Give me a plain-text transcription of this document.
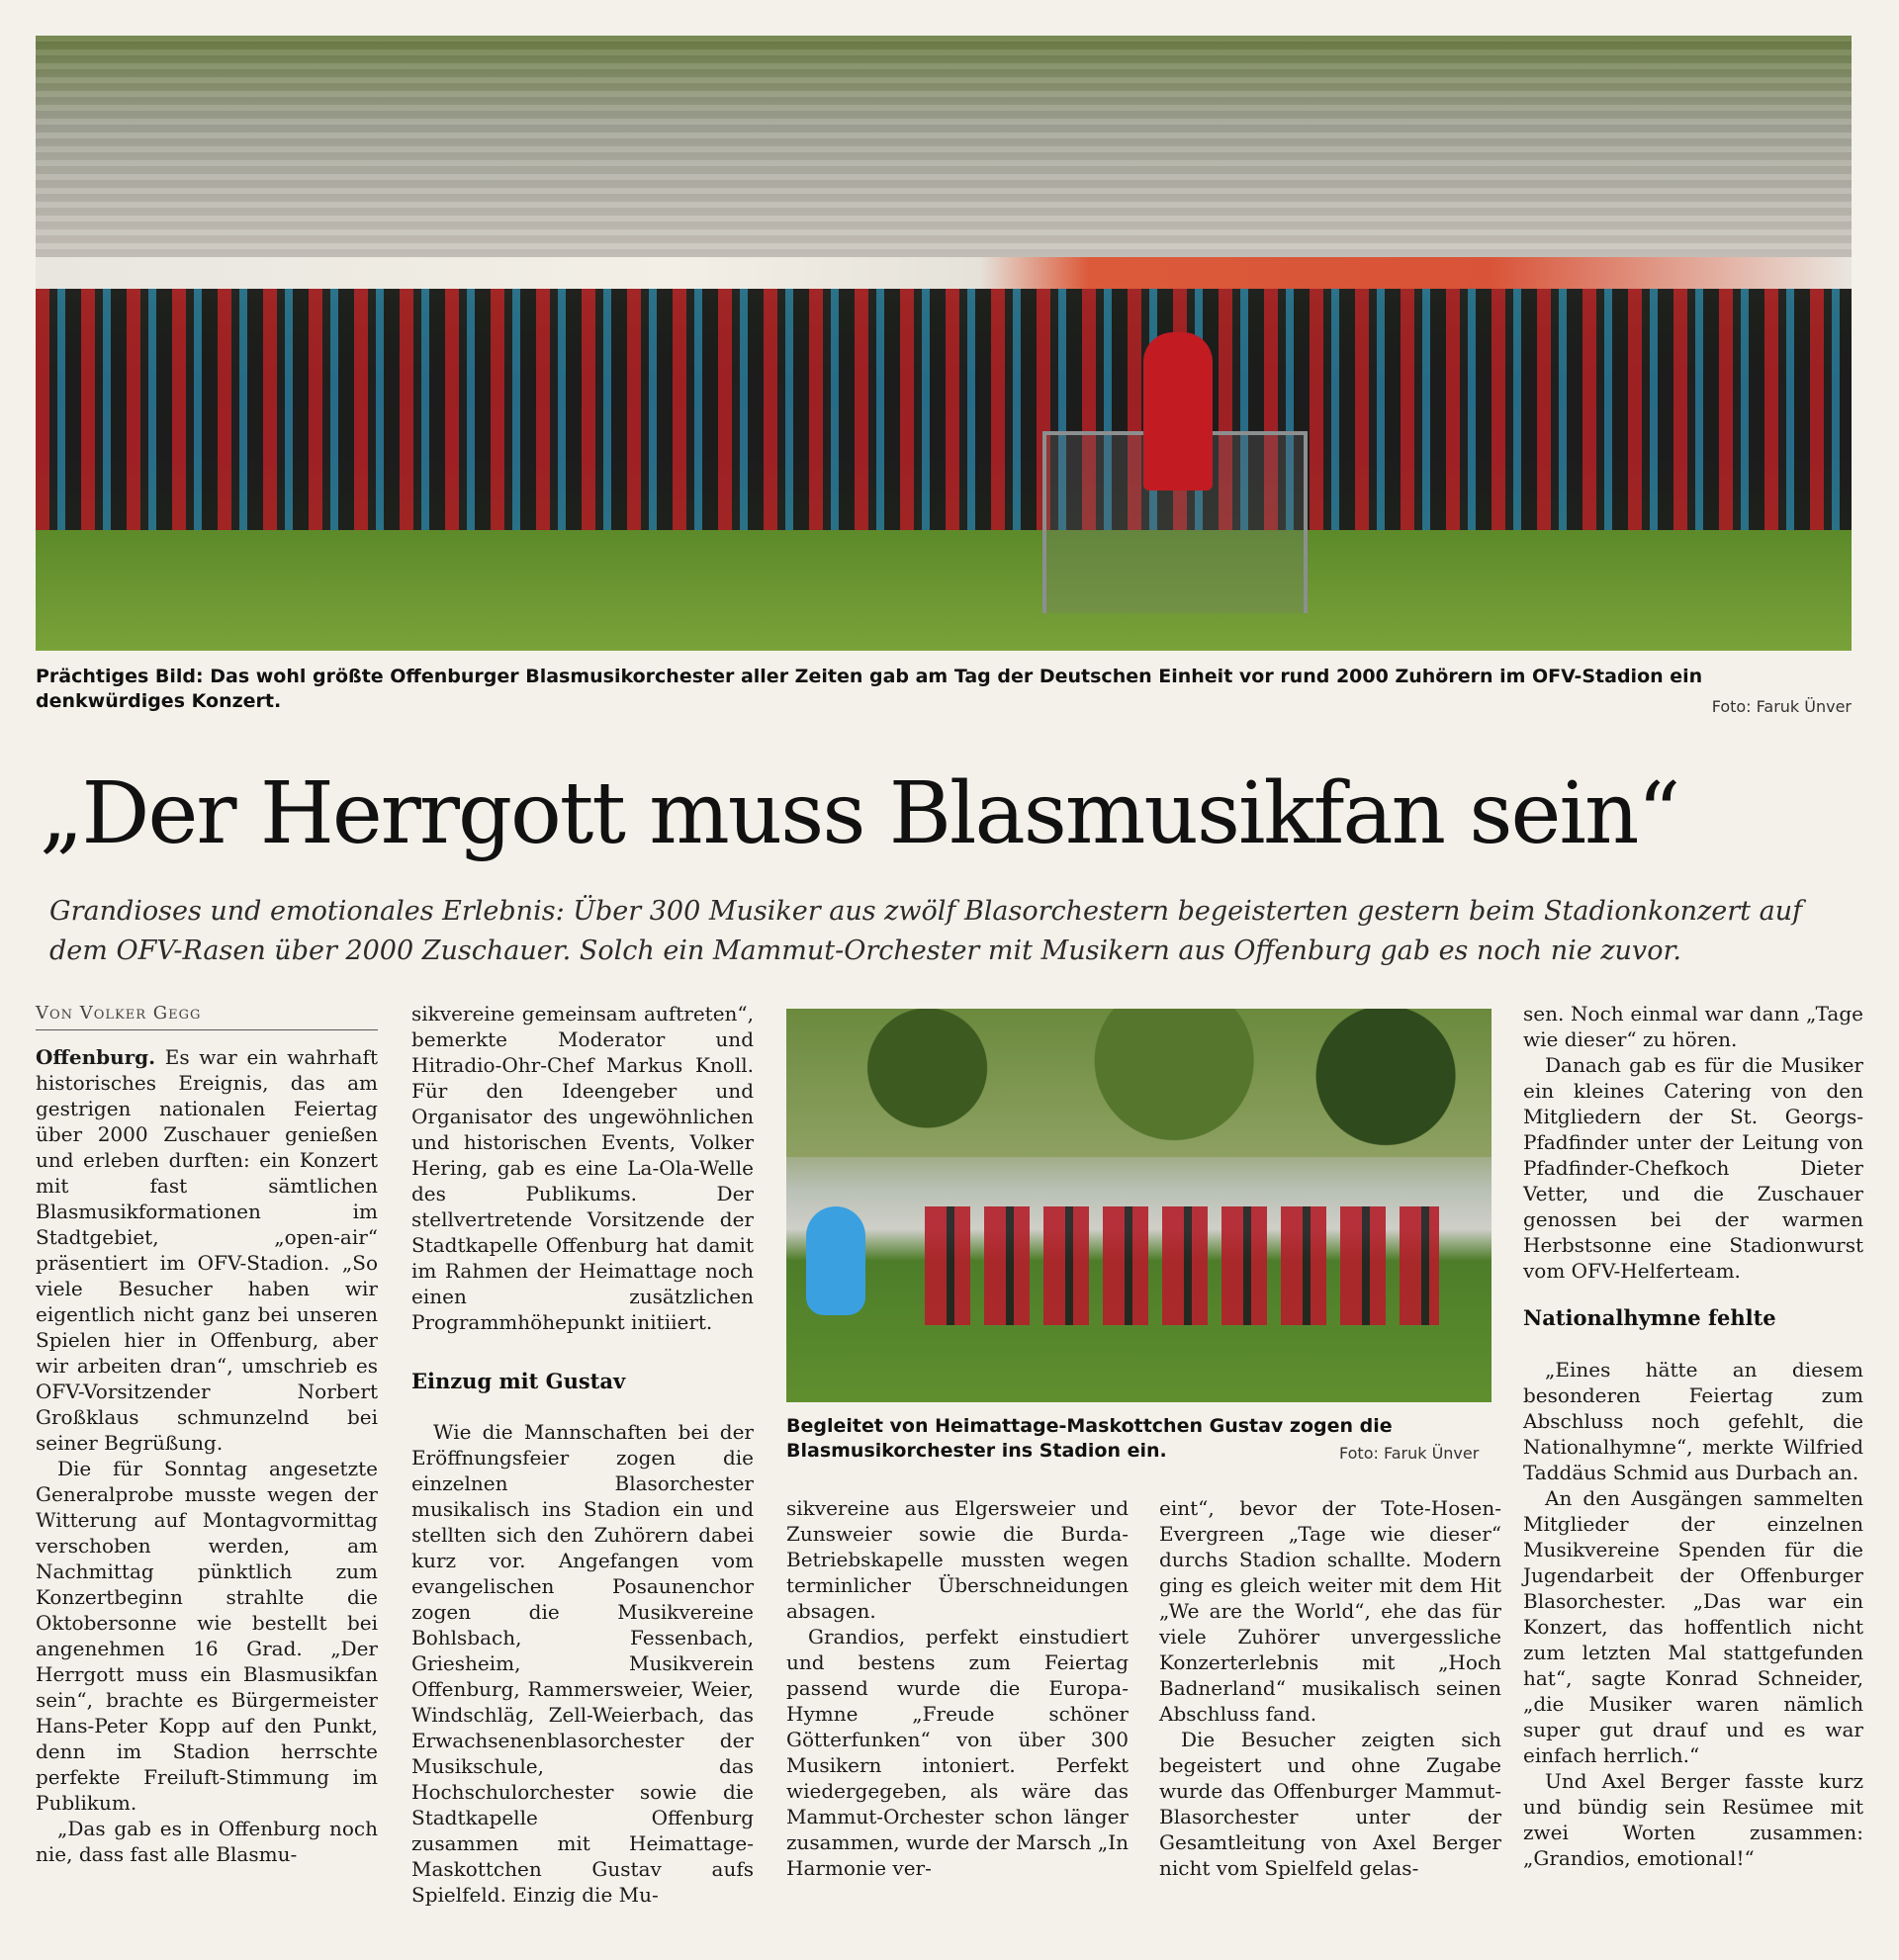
Prächtiges Bild: Das wohl größte Offenburger Blasmusikorchester aller Zeiten gab am Tag der Deutschen Einheit vor rund 2000 Zuhörern im OFV-Stadion ein denkwürdiges Konzert.	Foto: Faruk Ünver
„Der Herrgott muss Blasmusikfan sein“
Grandioses und emotionales Erlebnis: Über 300 Musiker aus zwölf Blasorchestern begeisterten gestern beim Stadionkonzert auf dem OFV-Rasen über 2000 Zuschauer. Solch ein Mammut-Orchester mit Musikern aus Offenburg gab es noch nie zuvor.
Von Volker Gegg

Offenburg. Es war ein wahrhaft historisches Ereignis, das am gestrigen nationalen Feiertag über 2000 Zuschauer genießen und erleben durften: ein Konzert mit fast sämtlichen Blasmusikformationen im Stadtgebiet, „open-air“ präsentiert im OFV-Stadion. „So viele Besucher haben wir eigentlich nicht ganz bei unseren Spielen hier in Offenburg, aber wir arbeiten dran“, umschrieb es OFV-Vorsitzender Norbert Großklaus schmunzelnd bei seiner Begrüßung.

Die für Sonntag angesetzte Generalprobe musste wegen der Witterung auf Montagvormittag verschoben werden, am Nachmittag pünktlich zum Konzertbeginn strahlte die Oktobersonne wie bestellt bei angenehmen 16 Grad. „Der Herrgott muss ein Blasmusikfan sein“, brachte es Bürgermeister Hans-Peter Kopp auf den Punkt, denn im Stadion herrschte perfekte Freiluft-Stimmung im Publikum.

„Das gab es in Offenburg noch nie, dass fast alle Blasmu-

sikvereine gemeinsam auftreten“, bemerkte Moderator und Hitradio-Ohr-Chef Markus Knoll. Für den Ideengeber und Organisator des ungewöhnlichen und historischen Events, Volker Hering, gab es eine La-Ola-Welle des Publikums. Der stellvertretende Vorsitzende der Stadtkapelle Offenburg hat damit im Rahmen der Heimattage noch einen zusätzlichen Programmhöhepunkt initiiert.

Einzug mit Gustav

Wie die Mannschaften bei der Eröffnungsfeier zogen die einzelnen Blasorchester musikalisch ins Stadion ein und stellten sich den Zuhörern dabei kurz vor. Angefangen vom evangelischen Posaunenchor zogen die Musikvereine Bohlsbach, Fessenbach, Griesheim, Musikverein Offenburg, Rammersweier, Weier, Windschläg, Zell-Weierbach, das Erwachsenenblasorchester der Musikschule, das Hochschulorchester sowie die Stadtkapelle Offenburg zusammen mit Heimattage-Maskottchen Gustav aufs Spielfeld. Einzig die Mu-

Begleitet von Heimattage-Maskottchen Gustav zogen die Blasmusikorchester ins Stadion ein.	Foto: Faruk Ünver

sikvereine aus Elgersweier und Zunsweier sowie die Burda-Betriebskapelle mussten wegen terminlicher Überschneidungen absagen.

Grandios, perfekt einstudiert und bestens zum Feiertag passend wurde die Europa-Hymne „Freude schöner Götterfunken“ von über 300 Musikern intoniert. Perfekt wiedergegeben, als wäre das Mammut-Orchester schon länger zusammen, wurde der Marsch „In Harmonie ver-

eint“, bevor der Tote-Hosen-Evergreen „Tage wie dieser“ durchs Stadion schallte. Modern ging es gleich weiter mit dem Hit „We are the World“, ehe das für viele Zuhörer unvergessliche Konzerterlebnis mit „Hoch Badnerland“ musikalisch seinen Abschluss fand.

Die Besucher zeigten sich begeistert und ohne Zugabe wurde das Offenburger Mammut-Blasorchester unter der Gesamtleitung von Axel Berger nicht vom Spielfeld gelas-

sen. Noch einmal war dann „Tage wie dieser“ zu hören.

Danach gab es für die Musiker ein kleines Catering von den Mitgliedern der St. Georgs-Pfadfinder unter der Leitung von Pfadfinder-Chefkoch Dieter Vetter, und die Zuschauer genossen bei der warmen Herbstsonne eine Stadionwurst vom OFV-Helferteam.

Nationalhymne fehlte

„Eines hätte an diesem besonderen Feiertag zum Abschluss noch gefehlt, die Nationalhymne“, merkte Wilfried Taddäus Schmid aus Durbach an.

An den Ausgängen sammelten Mitglieder der einzelnen Musikvereine Spenden für die Jugendarbeit der Offenburger Blasorchester. „Das war ein Konzert, das hoffentlich nicht zum letzten Mal stattgefunden hat“, sagte Konrad Schneider, „die Musiker waren nämlich super gut drauf und es war einfach herrlich.“

Und Axel Berger fasste kurz und bündig sein Resümee mit zwei Worten zusammen: „Grandios, emotional!“
